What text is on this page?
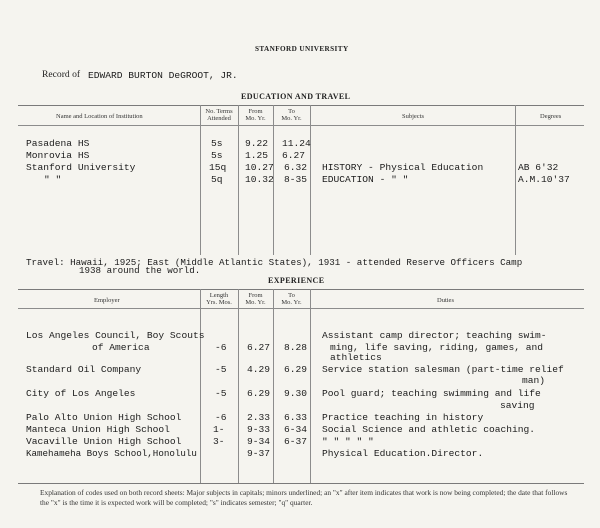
STANFORD UNIVERSITY
Record of EDWARD BURTON DeGROOT, JR.
EDUCATION AND TRAVEL
Name and Location of Institution
No. Terms
Attended
From
Mo. Yr.
To
Mo. Yr.	Subjects	Degrees
Pasadena HS	5s 9.22 11.24
Monrovia HS	5s 1.25 6.27
Stanford University	15q 10.27 6.32 HISTORY - Physical Education	AB 6'32
" "	5q 10.32 8-35 EDUCATION - " "	A.M.10'37
Travel: Hawaii, 1925; East (Middle Atlantic States), 1931 - attended Reserve Officers Camp
1938 around the world.
EXPERIENCE
Employer
Length
Yrs. Mos.
From
Mo. Yr.
To
Mo. Yr.	Duties
Los Angeles Council, Boy Scouts
of America	-6 6.27 8.28
Assistant camp director; teaching swim-
ming, life saving, riding, games, and
athletics
Standard Oil Company	-5 4.29 6.29 Service station salesman (part-time relief
man)
City of Los Angeles	-5 6.29 9.30 Pool guard; teaching swimming and life
saving
Palo Alto Union High School	-6 2.33 6.33 Practice teaching in history
Manteca Union High School	1- 9-33 6-34 Social Science and athletic coaching.
Vacaville Union High School	3- 9-34 6-37 " " " " "
Kamehameha Boys School,Honolulu	9-37	Physical Education.Director.
Explanation of codes used on both record sheets: Major subjects in capitals; minors underlined; an "x" after item indicates that work is now being completed; the date that follows the "x" is the time it is expected work will be completed; "s" indicates semester; "q" quarter.
